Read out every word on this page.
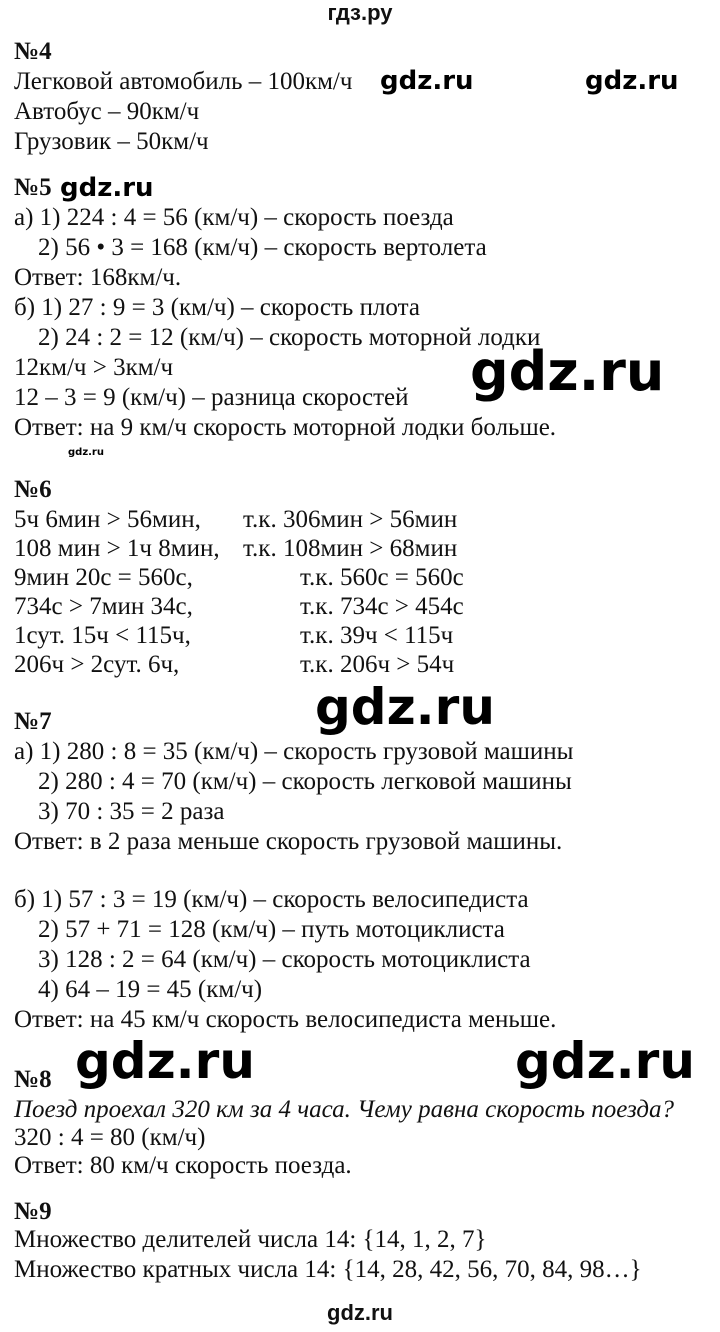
гдз.ру
№4
Легковой автомобиль – 100км/ч
Автобус – 90км/ч
Грузовик – 50км/ч
№5
а) 1) 224 : 4 = 56 (км/ч) – скорость поезда
2) 56 • 3 = 168 (км/ч) – скорость вертолета
Ответ: 168км/ч.
б) 1) 27 : 9 = 3 (км/ч) – скорость плота
2) 24 : 2 = 12 (км/ч) – скорость моторной лодки
12км/ч > 3км/ч
12 – 3 = 9 (км/ч) – разница скоростей
Ответ: на 9 км/ч скорость моторной лодки больше.
№6
5ч 6мин > 56мин, т.к. 306мин > 56мин
108 мин > 1ч 8мин, т.к. 108мин > 68мин
9мин 20с = 560с,	т.к. 560с = 560с
734с > 7мин 34с,	т.к. 734с > 454с
1сут. 15ч < 115ч,	т.к. 39ч < 115ч
206ч > 2сут. 6ч,	т.к. 206ч > 54ч
№7
а) 1) 280 : 8 = 35 (км/ч) – скорость грузовой машины
2) 280 : 4 = 70 (км/ч) – скорость легковой машины
3) 70 : 35 = 2 раза
Ответ: в 2 раза меньше скорость грузовой машины.
б) 1) 57 : 3 = 19 (км/ч) – скорость велосипедиста
2) 57 + 71 = 128 (км/ч) – путь мотоциклиста
3) 128 : 2 = 64 (км/ч) – скорость мотоциклиста
4) 64 – 19 = 45 (км/ч)
Ответ: на 45 км/ч скорость велосипедиста меньше.
№8
Поезд проехал 320 км за 4 часа. Чему равна скорость поезда?
320 : 4 = 80 (км/ч)
Ответ: 80 км/ч скорость поезда.
№9
Множество делителей числа 14: {14, 1, 2, 7}
Множество кратных числа 14: {14, 28, 42, 56, 70, 84, 98…}
gdz.ru
gdz.ru	gdz.ru
gdz.ru
gdz.ru
gdz.ru
gdz.ru
gdz.ru	gdz.ru
